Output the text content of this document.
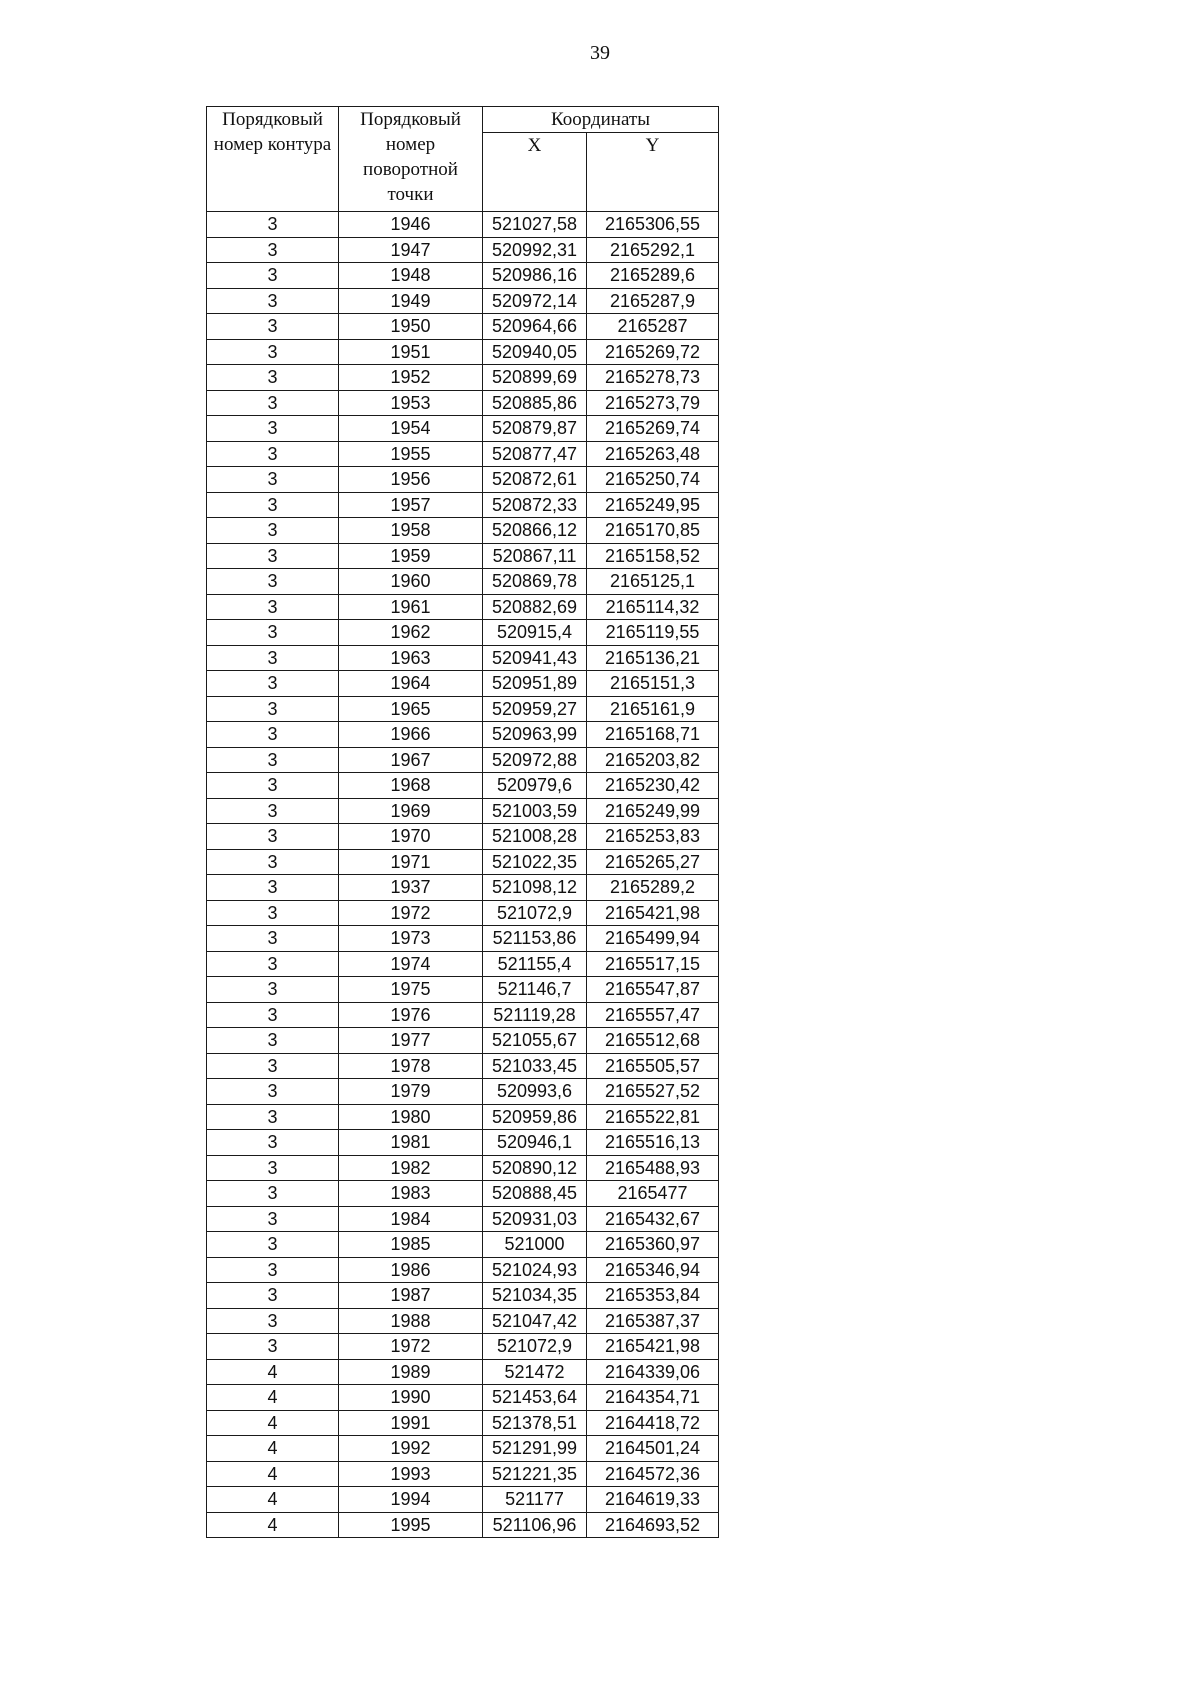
39
Порядковый номер контура	Порядковый номер поворотной точки	Координаты	
		X	Y
3	1946	521027,58	2165306,55
3	1947	520992,31	2165292,1
3	1948	520986,16	2165289,6
3	1949	520972,14	2165287,9
3	1950	520964,66	2165287
3	1951	520940,05	2165269,72
3	1952	520899,69	2165278,73
3	1953	520885,86	2165273,79
3	1954	520879,87	2165269,74
3	1955	520877,47	2165263,48
3	1956	520872,61	2165250,74
3	1957	520872,33	2165249,95
3	1958	520866,12	2165170,85
3	1959	520867,11	2165158,52
3	1960	520869,78	2165125,1
3	1961	520882,69	2165114,32
3	1962	520915,4	2165119,55
3	1963	520941,43	2165136,21
3	1964	520951,89	2165151,3
3	1965	520959,27	2165161,9
3	1966	520963,99	2165168,71
3	1967	520972,88	2165203,82
3	1968	520979,6	2165230,42
3	1969	521003,59	2165249,99
3	1970	521008,28	2165253,83
3	1971	521022,35	2165265,27
3	1937	521098,12	2165289,2
3	1972	521072,9	2165421,98
3	1973	521153,86	2165499,94
3	1974	521155,4	2165517,15
3	1975	521146,7	2165547,87
3	1976	521119,28	2165557,47
3	1977	521055,67	2165512,68
3	1978	521033,45	2165505,57
3	1979	520993,6	2165527,52
3	1980	520959,86	2165522,81
3	1981	520946,1	2165516,13
3	1982	520890,12	2165488,93
3	1983	520888,45	2165477
3	1984	520931,03	2165432,67
3	1985	521000	2165360,97
3	1986	521024,93	2165346,94
3	1987	521034,35	2165353,84
3	1988	521047,42	2165387,37
3	1972	521072,9	2165421,98
4	1989	521472	2164339,06
4	1990	521453,64	2164354,71
4	1991	521378,51	2164418,72
4	1992	521291,99	2164501,24
4	1993	521221,35	2164572,36
4	1994	521177	2164619,33
4	1995	521106,96	2164693,52
